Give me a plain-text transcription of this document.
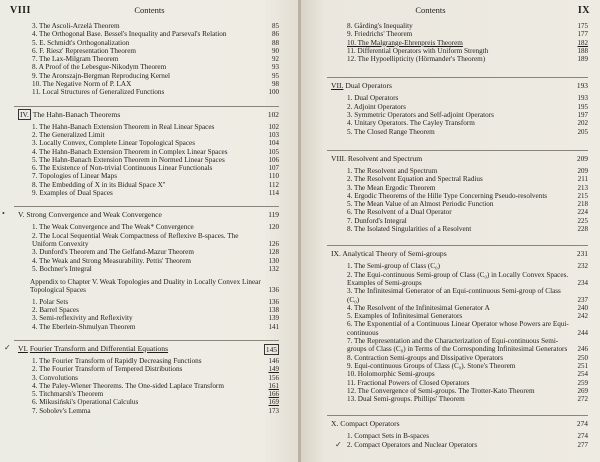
VIII	Contents
3. The Ascoli-Arzelà Theorem	85
4. The Orthogonal Base. Bessel's Inequality and Parseval's Relation	86
5. E. Schmidt's Orthogonalization	88
6. F. Riesz' Representation Theorem	90
7. The Lax-Milgram Theorem	92
8. A Proof of the Lebesgue-Nikodym Theorem	93
9. The Aronszajn-Bergman Reproducing Kernel	95
10. The Negative Norm of P. LAX	98
11. Local Structures of Generalized Functions	100
IV. The Hahn-Banach Theorems	102
1. The Hahn-Banach Extension Theorem in Real Linear Spaces	102
2. The Generalized Limit	103
3. Locally Convex, Complete Linear Topological Spaces	104
4. The Hahn-Banach Extension Theorem in Complex Linear Spaces	105
5. The Hahn-Banach Extension Theorem in Normed Linear Spaces	106
6. The Existence of Non-trivial Continuous Linear Functionals	107
7. Topologies of Linear Maps	110
8. The Embedding of X in its Bidual Space X''	112
9. Examples of Dual Spaces	114
• V. Strong Convergence and Weak Convergence	119
1. The Weak Convergence and The Weak* Convergence	120
2. The Local Sequential Weak Compactness of Reflexive B-spaces. The Uniform Convexity	126
3. Dunford's Theorem and The Gelfand-Mazur Theorem	128
4. The Weak and Strong Measurability. Pettis' Theorem	130
5. Bochner's Integral	132
Appendix to Chapter V. Weak Topologies and Duality in Locally Convex Linear Topological Spaces	136
1. Polar Sets	136
2. Barrel Spaces	138
3. Semi-reflexivity and Reflexivity	139
4. The Eberlein-Shmulyan Theorem	141
✓ VI. Fourier Transform and Differential Equations	145
1. The Fourier Transform of Rapidly Decreasing Functions	146
2. The Fourier Transform of Tempered Distributions	149
3. Convolutions	156
4. The Paley-Wiener Theorems. The One-sided Laplace Transform	161
5. Titchmarsh's Theorem	166
6. Mikusiński's Operational Calculus	169
7. Sobolev's Lemma	173
Contents	IX
8. Gårding's Inequality	175
9. Friedrichs' Theorem	177
10. The Malgrange-Ehrenpreis Theorem	182
11. Differential Operators with Uniform Strength	188
12. The Hypoellipticity (Hörmander's Theorem)	189
VII. Dual Operators	193
1. Dual Operators	193
2. Adjoint Operators	195
3. Symmetric Operators and Self-adjoint Operators	197
4. Unitary Operators. The Cayley Transform	202
5. The Closed Range Theorem	205
VIII. Resolvent and Spectrum	209
1. The Resolvent and Spectrum	209
2. The Resolvent Equation and Spectral Radius	211
3. The Mean Ergodic Theorem	213
4. Ergodic Theorems of the Hille Type Concerning Pseudo-resolvents	215
5. The Mean Value of an Almost Periodic Function	218
6. The Resolvent of a Dual Operator	224
7. Dunford's Integral	225
8. The Isolated Singularities of a Resolvent	228
IX. Analytical Theory of Semi-groups	231
1. The Semi-group of Class (C₀)	232
2. The Equi-continuous Semi-group of Class (C₀) in Locally Convex Spaces. Examples of Semi-groups	234
3. The Infinitesimal Generator of an Equi-continuous Semi-group of Class (C₀)	237
4. The Resolvent of the Infinitesimal Generator A	240
5. Examples of Infinitesimal Generators	242
6. The Exponential of a Continuous Linear Operator whose Powers are Equi-continuous	244
7. The Representation and the Characterization of Equi-continuous Semi-groups of Class (C₀) in Terms of the Corresponding Infinitesimal Generators	246
8. Contraction Semi-groups and Dissipative Operators	250
9. Equi-continuous Groups of Class (C₀). Stone's Theorem	251
10. Holomorphic Semi-groups	254
11. Fractional Powers of Closed Operators	259
12. The Convergence of Semi-groups. The Trotter-Kato Theorem	269
13. Dual Semi-groups. Phillips' Theorem	272
X. Compact Operators	274
1. Compact Sets in B-spaces	274
✓ 2. Compact Operators and Nuclear Operators	277
